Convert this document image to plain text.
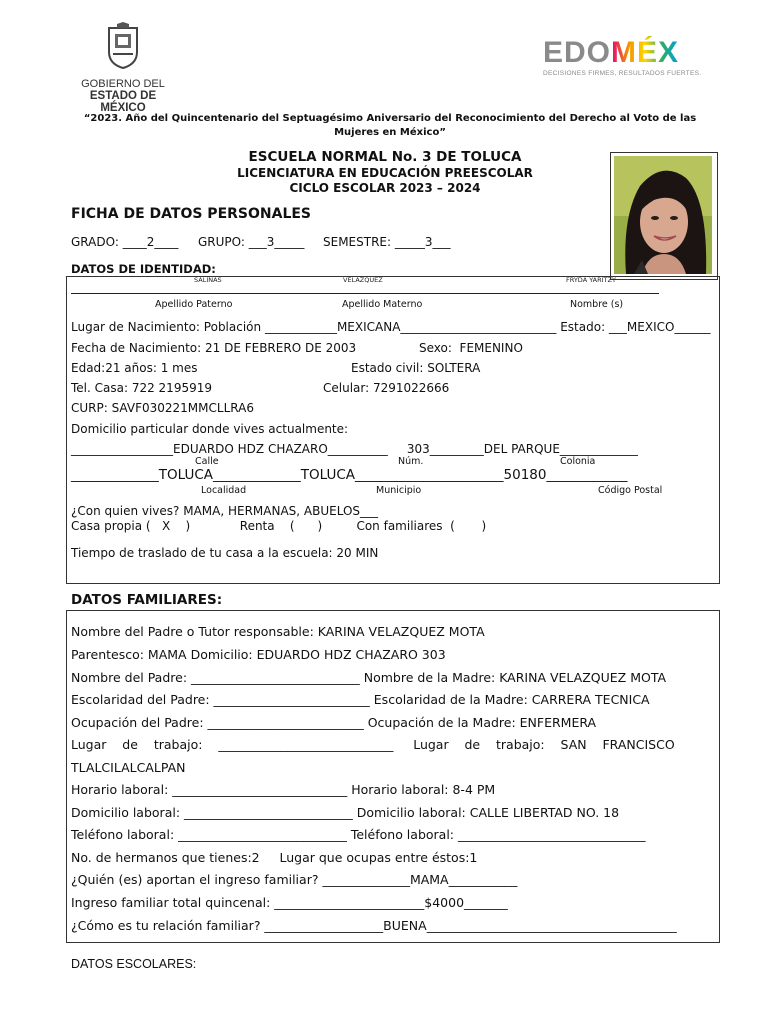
GOBIERNO DEL
ESTADO DE MÉXICO
EDOMÉX
DECISIONES FIRMES, RESULTADOS FUERTES.
“2023. Año del Quincentenario del Septuagésimo Aniversario del Reconocimiento del Derecho al Voto de las
Mujeres en México”
ESCUELA NORMAL No. 3 DE TOLUCA
LICENCIATURA EN EDUCACIÓN PREESCOLAR
CICLO ESCOLAR 2023 – 2024
FICHA DE DATOS PERSONALES
GRADO: ____2____ GRUPO: ___3_____ SEMESTRE: _____3___
DATOS DE IDENTIDAD:
SALINAS	VELAZQUEZ	FRYDA YARITZY
Apellido Paterno	Apellido Materno	Nombre (s)
Lugar de Nacimiento: Población ____________MEXICANA__________________________ Estado: ___MEXICO______
Fecha de Nacimiento: 21 DE FEBRERO DE 2003	Sexo:  FEMENINO
Edad:21 años: 1 mes	Estado civil: SOLTERA
Tel. Casa: 722 2195919	Celular: 7291022666
CURP: SAVF030221MMCLLRA6
Domicilio particular donde vives actualmente:
_________________EDUARDO HDZ CHAZARO__________     303_________DEL PARQUE_____________
Calle	Núm.	Colonia
_____________TOLUCA_____________TOLUCA______________________50180____________
Localidad	Municipio	Código Postal
¿Con quien vives? MAMA, HERMANAS, ABUELOS___
Casa propia (   X    )             Renta    (      )         Con familiares  (       )
Tiempo de traslado de tu casa a la escuela: 20 MIN
DATOS FAMILIARES:
Nombre del Padre o Tutor responsable: KARINA VELAZQUEZ MOTA
Parentesco: MAMA Domicilio: EDUARDO HDZ CHAZARO 303
Nombre del Padre: ___________________________ Nombre de la Madre: KARINA VELAZQUEZ MOTA
Escolaridad del Padre: _________________________ Escolaridad de la Madre: CARRERA TECNICA
Ocupación del Padre: _________________________ Ocupación de la Madre: ENFERMERA
Lugar    de    trabajo:    ____________________________     Lugar    de    trabajo:    SAN    FRANCISCO
TLALCILALCALPAN
Horario laboral: ____________________________ Horario laboral: 8-4 PM
Domicilio laboral: ___________________________ Domicilio laboral: CALLE LIBERTAD NO. 18
Teléfono laboral: ___________________________ Teléfono laboral: ______________________________
No. de hermanos que tienes:2     Lugar que ocupas entre éstos:1
¿Quién (es) aportan el ingreso familiar? ______________MAMA___________
Ingreso familiar total quincenal: ________________________$4000_______
¿Cómo es tu relación familiar? ___________________BUENA________________________________________
DATOS ESCOLARES:
